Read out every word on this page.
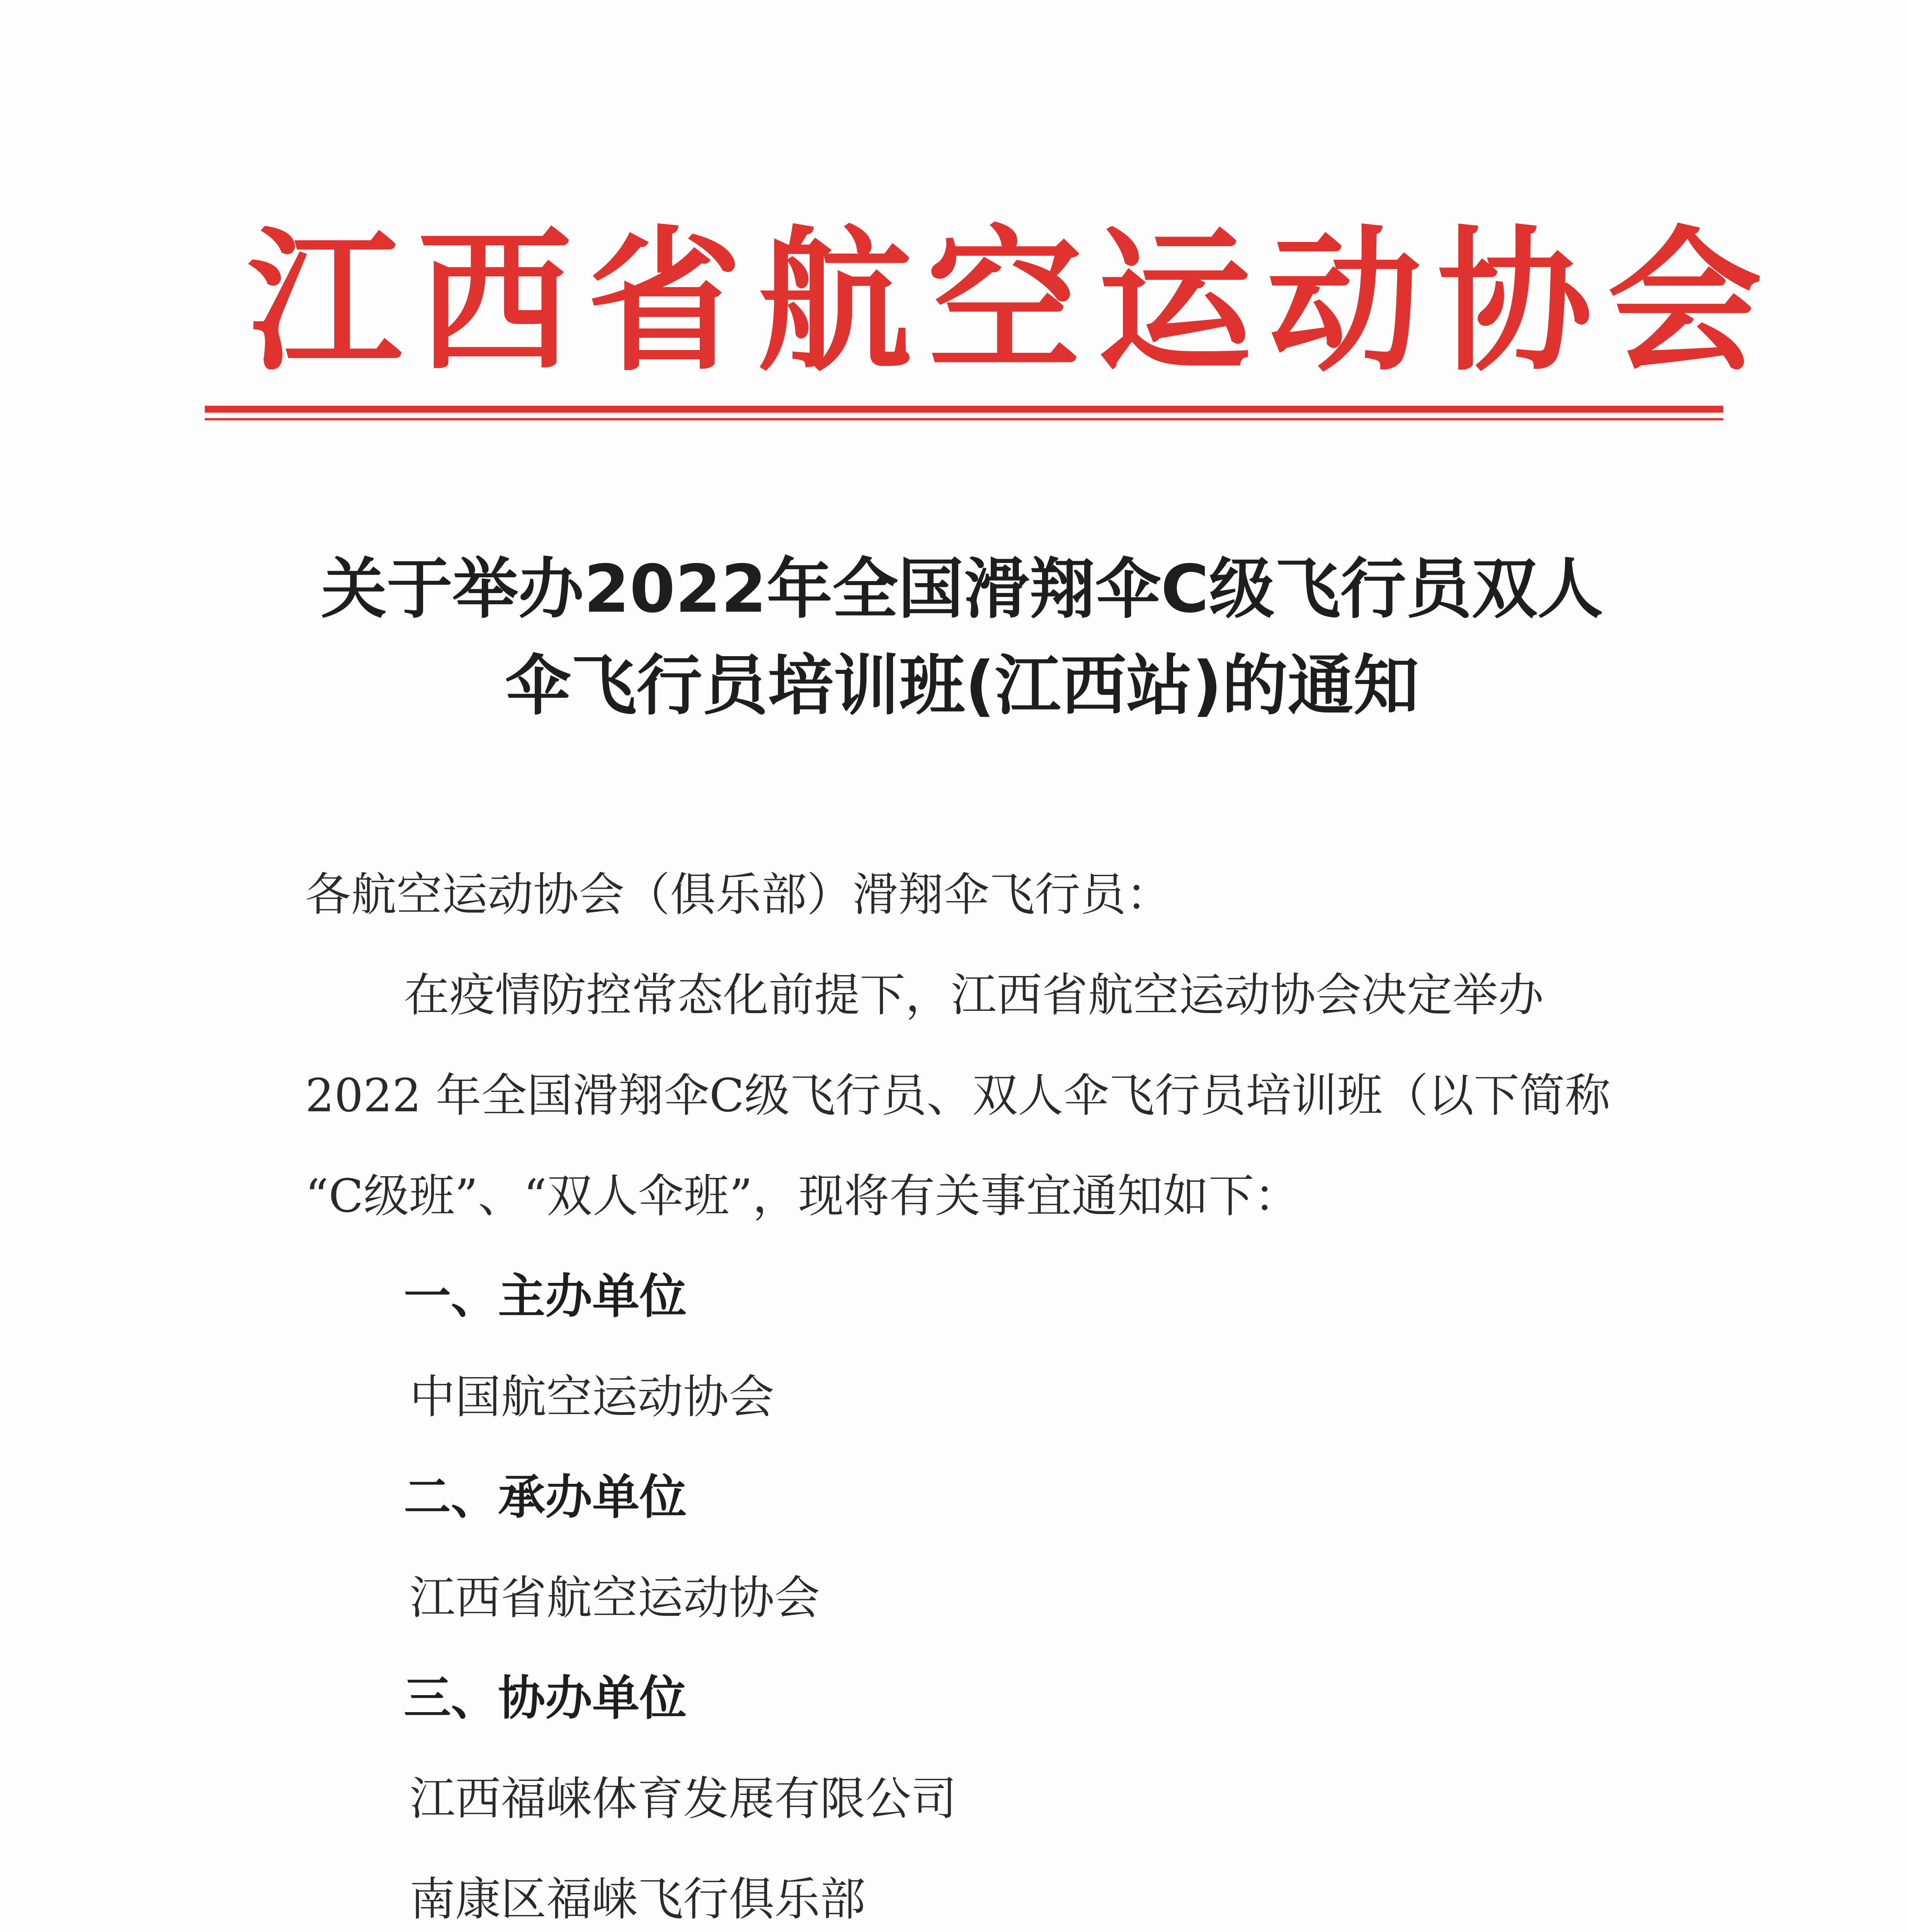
江西省航空运动协会
关于举办2022年全国滑翔伞C级飞行员双人
伞飞行员培训班(江西站)的通知
各航空运动协会（俱乐部）滑翔伞飞行员：
在疫情防控常态化前提下，江西省航空运动协会决定举办
2022 年全国滑翔伞C级飞行员、双人伞飞行员培训班（以下简称
“C级班”、“双人伞班”，现将有关事宜通知如下：
一、主办单位
中国航空运动协会
二、承办单位
江西省航空运动协会
三、协办单位
江西福崃体育发展有限公司
南康区福崃飞行俱乐部
